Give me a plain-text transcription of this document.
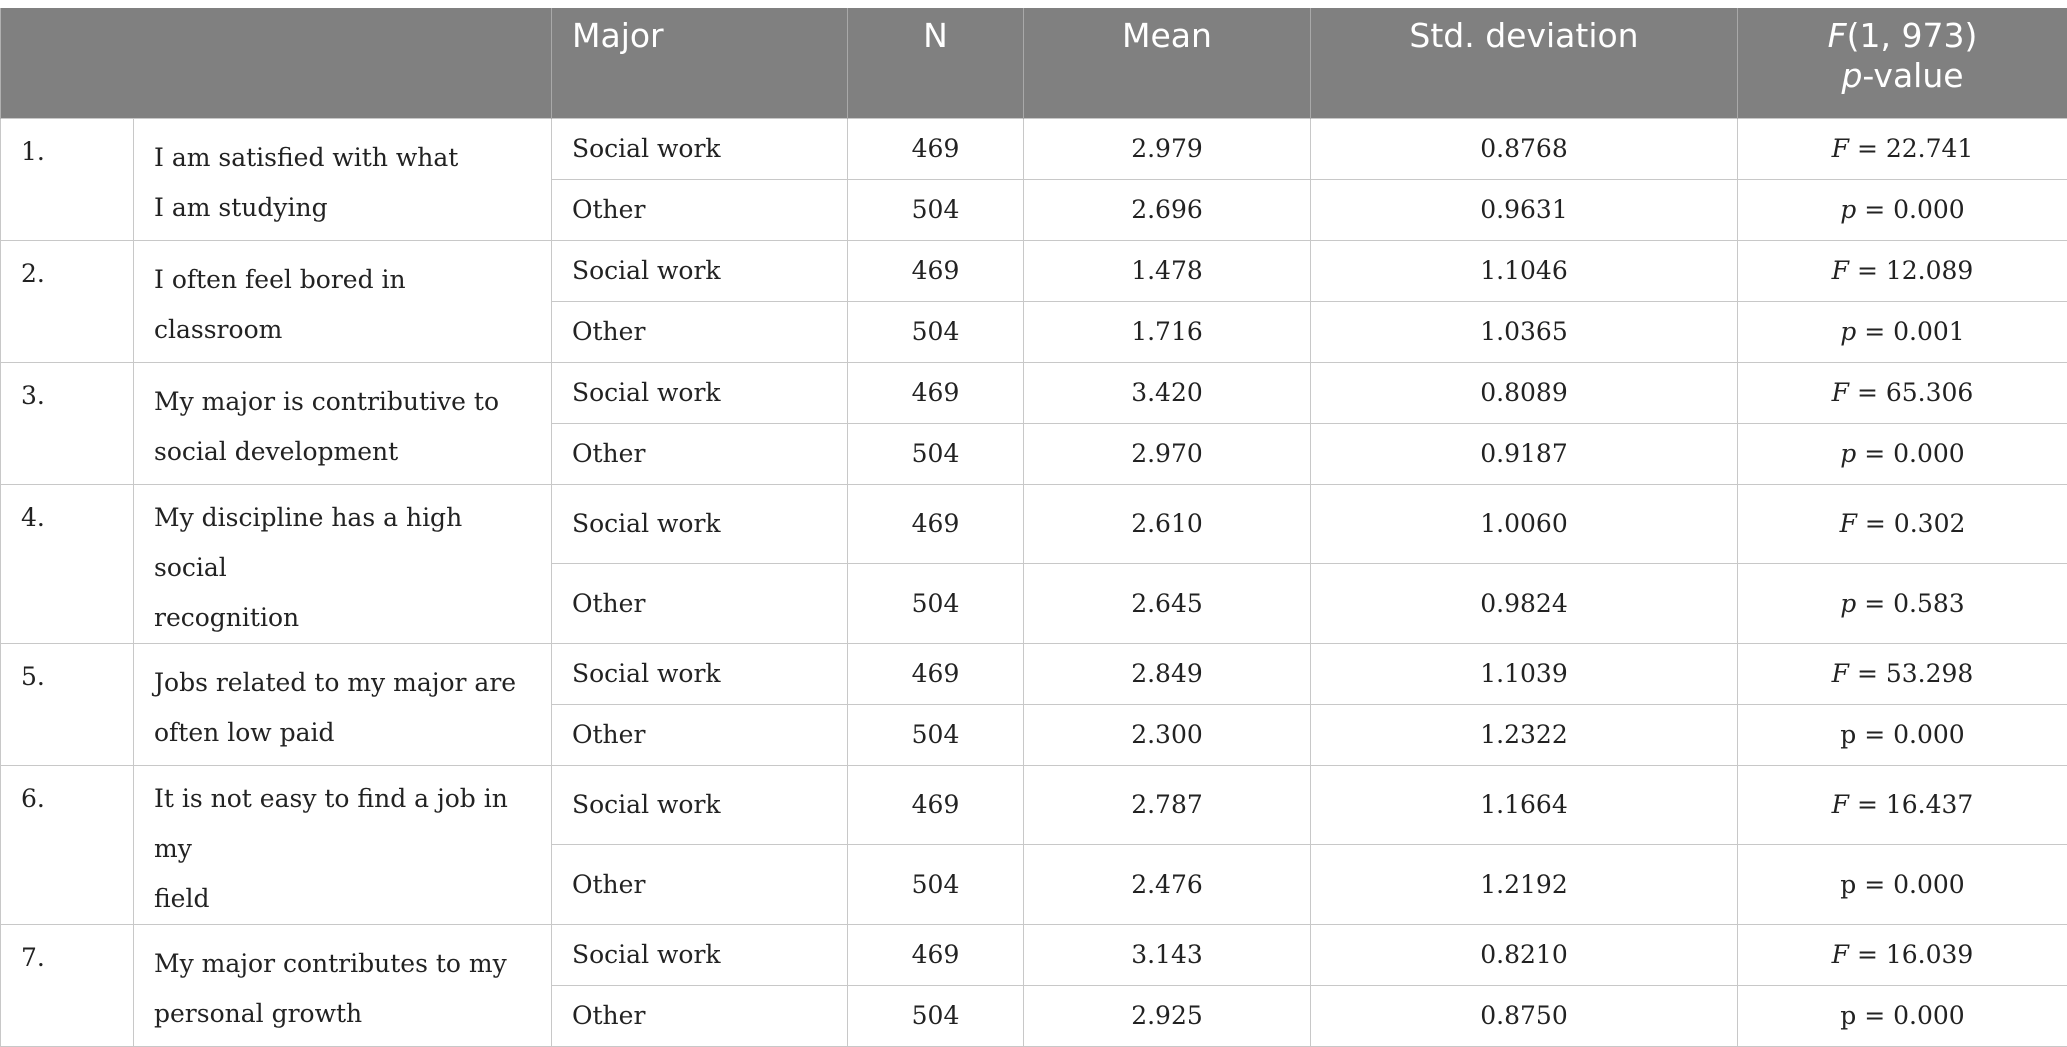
		Major	N	Mean	Std. deviation	F(1, 973)
p-value

1.	I am satisfied with what
I am studying	Social work	469	2.979	0.8768	F = 22.741
		Other	504	2.696	0.9631	p = 0.000
2.	I often feel bored in classroom	Social work	469	1.478	1.1046	F = 12.089
		Other	504	1.716	1.0365	p = 0.001
3.	My major is contributive to
social development	Social work	469	3.420	0.8089	F = 65.306
		Other	504	2.970	0.9187	p = 0.000
4.	My discipline has a high social
recognition	Social work	469	2.610	1.0060	F = 0.302
		Other	504	2.645	0.9824	p = 0.583
5.	Jobs related to my major are
often low paid	Social work	469	2.849	1.1039	F = 53.298
		Other	504	2.300	1.2322	p = 0.000
6.	It is not easy to find a job in my
field	Social work	469	2.787	1.1664	F = 16.437
		Other	504	2.476	1.2192	p = 0.000
7.	My major contributes to my
personal growth	Social work	469	3.143	0.8210	F = 16.039
		Other	504	2.925	0.8750	p = 0.000
